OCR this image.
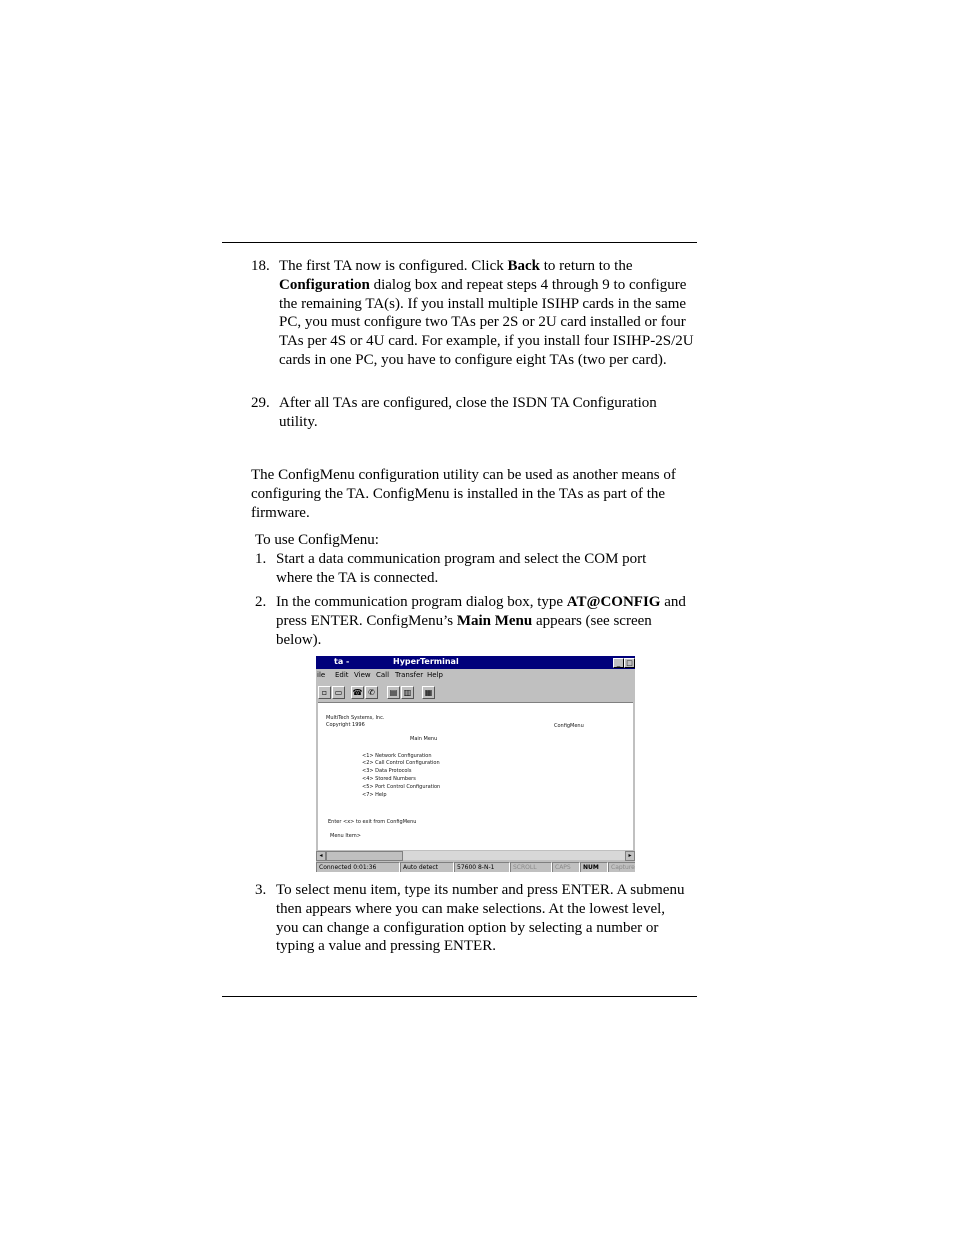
18. The first TA now is configured. Click Back to return to the
Configuration dialog box and repeat steps 4 through 9 to configure the remaining TA(s). If you install multiple ISIHP cards in the same PC, you must configure two TAs per 2S or 2U card installed or four TAs per 4S or 4U card. For example, if you install four ISIHP-2S/2U cards in one PC, you have to configure eight TAs (two per card).
29. After all TAs are configured, close the ISDN TA Configuration utility.
The ConfigMenu configuration utility can be used as another means of configuring the TA. ConfigMenu is installed in the TAs as part of the firmware.
To use ConfigMenu:
1. Start a data communication program and select the COM port where the TA is connected.
2. In the communication program dialog box, type AT@CONFIG and press ENTER. ConfigMenu’s Main Menu appears (see screen below).
ta -	HyperTerminal	_ □
ile Edit View Call Transfer Help
▫ ▭	☎ ✆	▤ ▥	▦
MultiTech Systems, Inc.
Copyright 1996	ConfigMenu
Main Menu
<1> Network Configuration
<2> Call Control Configuration
<3> Data Protocols
<4> Stored Numbers
<5> Port Control Configuration
<7> Help
Enter <x> to exit from ConfigMenu
Menu Item>
◂	▸
Connected 0:01:36	Auto detect	57600 8-N-1	SCROLL	CAPS	NUM	Capture
3. To select menu item, type its number and press ENTER. A submenu then appears where you can make selections. At the lowest level, you can change a configuration option by selecting a number or typing a value and pressing ENTER.
